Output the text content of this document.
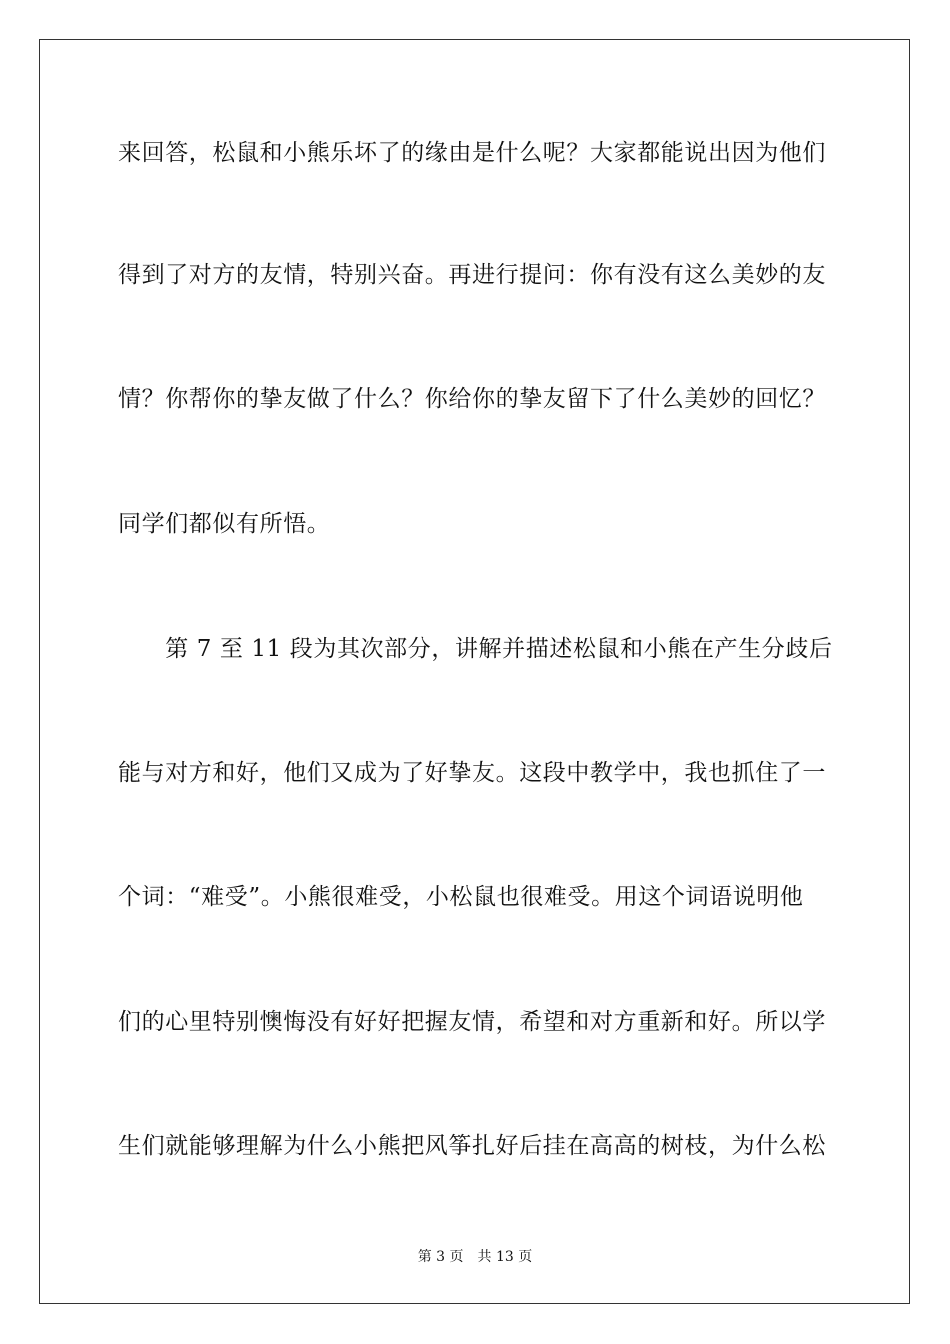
来回答，松鼠和小熊乐坏了的缘由是什么呢？大家都能说出因为他们
得到了对方的友情，特别兴奋。再进行提问：你有没有这么美妙的友
情？你帮你的挚友做了什么？你给你的挚友留下了什么美妙的回忆？
同学们都似有所悟。
　　第 7 至 11 段为其次部分，讲解并描述松鼠和小熊在产生分歧后
能与对方和好，他们又成为了好挚友。这段中教学中，我也抓住了一
个词：“难受”。小熊很难受，小松鼠也很难受。用这个词语说明他
们的心里特别懊悔没有好好把握友情，希望和对方重新和好。所以学
生们就能够理解为什么小熊把风筝扎好后挂在高高的树枝，为什么松
第 3 页 共 13 页
